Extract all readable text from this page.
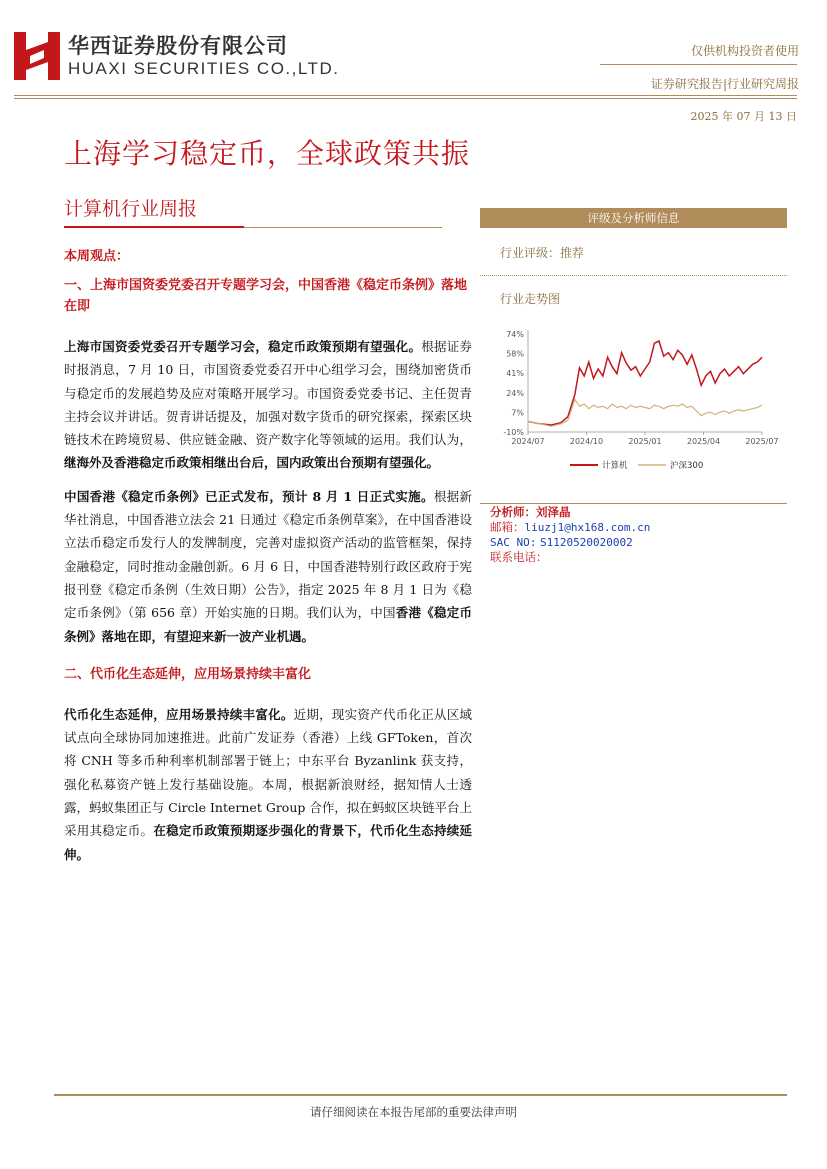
华西证券股份有限公司
HUAXI SECURITIES CO.,LTD.
仅供机构投资者使用
证券研究报告|行业研究周报
2025 年 07 月 13 日
上海学习稳定币，全球政策共振
计算机行业周报
本周观点：
一、上海市国资委党委召开专题学习会，中国香港《稳定币条例》落地在即
上海市国资委党委召开专题学习会，稳定币政策预期有望强化。根据证券时报消息，7 月 10 日，市国资委党委召开中心组学习会，围绕加密货币与稳定币的发展趋势及应对策略开展学习。市国资委党委书记、主任贺青主持会议并讲话。贺青讲话提及，加强对数字货币的研究探索，探索区块链技术在跨境贸易、供应链金融、资产数字化等领域的运用。我们认为，继海外及香港稳定币政策相继出台后，国内政策出台预期有望强化。
中国香港《稳定币条例》已正式发布，预计 8 月 1 日正式实施。根据新华社消息，中国香港立法会 21 日通过《稳定币条例草案》，在中国香港设立法币稳定币发行人的发牌制度，完善对虚拟资产活动的监管框架，保持金融稳定，同时推动金融创新。6 月 6 日，中国香港特别行政区政府于宪报刊登《稳定币条例（生效日期）公告》，指定 2025 年 8 月 1 日为《稳定币条例》（第 656 章）开始实施的日期。我们认为，中国香港《稳定币条例》落地在即，有望迎来新一波产业机遇。
二、代币化生态延伸，应用场景持续丰富化
代币化生态延伸，应用场景持续丰富化。近期，现实资产代币化正从区域试点向全球协同加速推进。此前广发证券（香港）上线 GFToken，首次将 CNH 等多币种利率机制部署于链上；中东平台 Byzanlink 获支持，强化私募资产链上发行基础设施。本周，根据新浪财经，据知情人士透露，蚂蚁集团正与 Circle Internet Group 合作，拟在蚂蚁区块链平台上采用其稳定币。在稳定币政策预期逐步强化的背景下，代币化生态持续延伸。
评级及分析师信息
行业评级：推荐
行业走势图
74%
58%
41%
24%
7%
-10%
2024/07	2024/10	2025/01	2025/04	2025/07
计算机	沪深300
分析师：刘泽晶
邮箱：liuzj1@hx168.com.cn
SAC NO: S1120520020002
联系电话：
请仔细阅读在本报告尾部的重要法律声明
